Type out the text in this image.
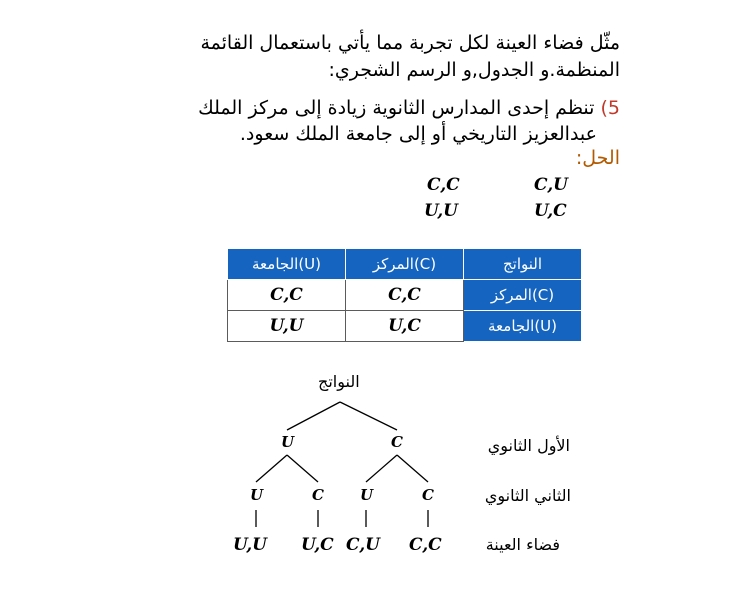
مثّل فضاء العينة لكل تجربة مما يأتي باستعمال القائمة
المنظمة.و الجدول,و الرسم الشجري:
5) تنظم إحدى المدارس الثانوية زيادة إلى مركز الملك
عبدالعزيز التاريخي أو إلى جامعة الملك سعود.
الحل:
C,C	C,U
U,U	U,C
الجامعة(U)	المركز(C)	النواتج
C,C	C,C	المركز(C)
U,U	U,C	الجامعة(U)
النواتج
U	C
U	C U	C
U,U U,C C,U C,C
الأول الثانوي
الثاني الثانوي
فضاء العينة
